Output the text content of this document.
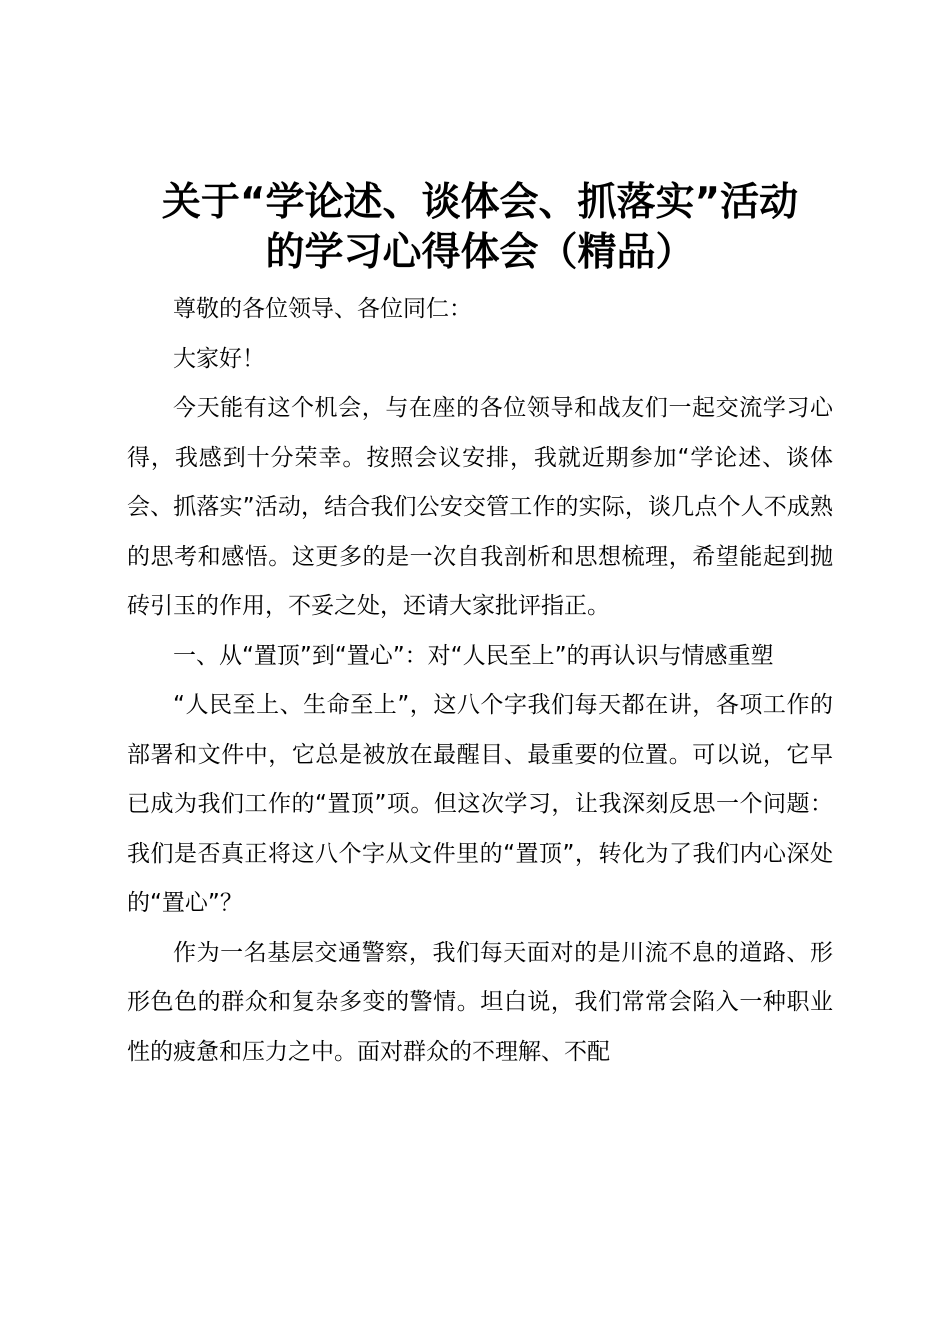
关于“学论述、谈体会、抓落实”活动
的学习心得体会（精品）

尊敬的各位领导、各位同仁：

大家好！

今天能有这个机会，与在座的各位领导和战友们一起交流学习心得，我感到十分荣幸。按照会议安排，我就近期参加“学论述、谈体会、抓落实”活动，结合我们公安交管工作的实际，谈几点个人不成熟的思考和感悟。这更多的是一次自我剖析和思想梳理，希望能起到抛砖引玉的作用，不妥之处，还请大家批评指正。

一、从“置顶”到“置心”：对“人民至上”的再认识与情感重塑

“人民至上、生命至上”，这八个字我们每天都在讲，各项工作的部署和文件中，它总是被放在最醒目、最重要的位置。可以说，它早已成为我们工作的“置顶”项。但这次学习，让我深刻反思一个问题：我们是否真正将这八个字从文件里的“置顶”，转化为了我们内心深处的“置心”？

作为一名基层交通警察，我们每天面对的是川流不息的道路、形形色色的群众和复杂多变的警情。坦白说，我们常常会陷入一种职业性的疲惫和压力之中。面对群众的不理解、不配
